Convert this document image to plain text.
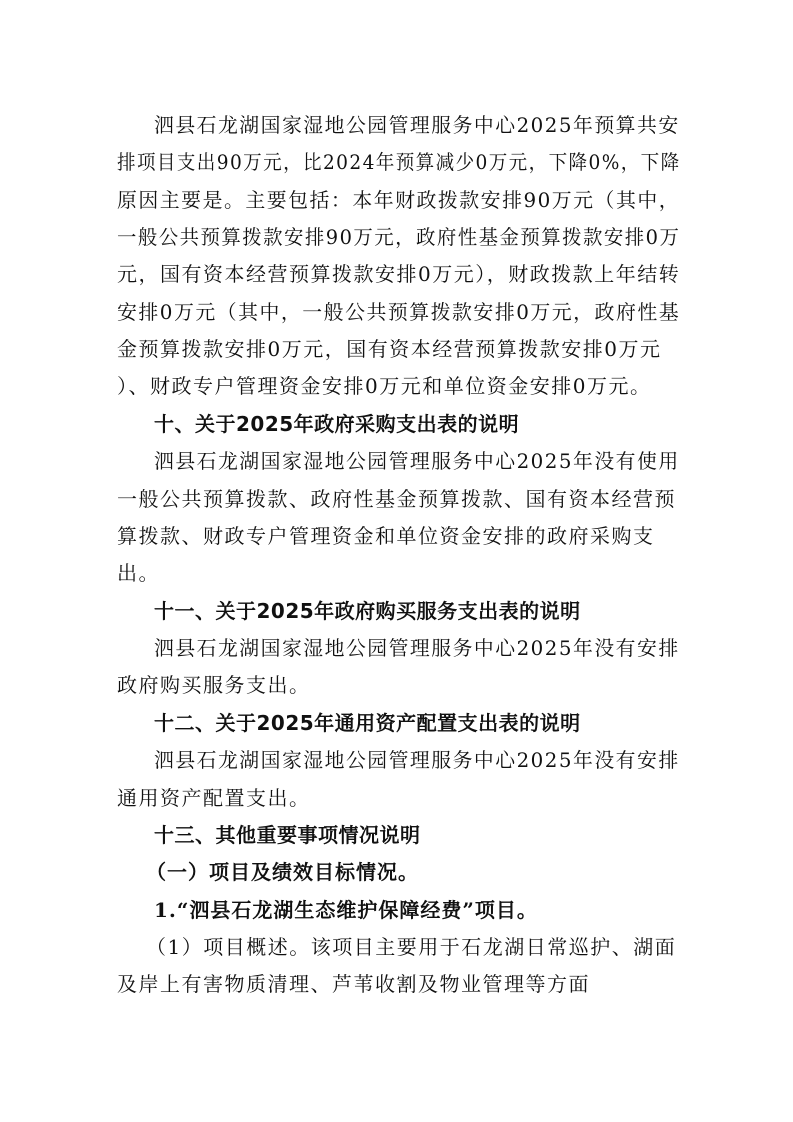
泗县石龙湖国家湿地公园管理服务中心2025年预算共安
排项目支出90万元，比2024年预算减少0万元，下降0%，下降
原因主要是。主要包括：本年财政拨款安排90万元（其中，
一般公共预算拨款安排90万元，政府性基金预算拨款安排0万
元，国有资本经营预算拨款安排0万元），财政拨款上年结转
安排0万元（其中，一般公共预算拨款安排0万元，政府性基
金预算拨款安排0万元，国有资本经营预算拨款安排0万元
）、财政专户管理资金安排0万元和单位资金安排0万元。
十、关于2025年政府采购支出表的说明
泗县石龙湖国家湿地公园管理服务中心2025年没有使用
一般公共预算拨款、政府性基金预算拨款、国有资本经营预
算拨款、财政专户管理资金和单位资金安排的政府采购支
出。
十一、关于2025年政府购买服务支出表的说明
泗县石龙湖国家湿地公园管理服务中心2025年没有安排
政府购买服务支出。
十二、关于2025年通用资产配置支出表的说明
泗县石龙湖国家湿地公园管理服务中心2025年没有安排
通用资产配置支出。
十三、其他重要事项情况说明
（一）项目及绩效目标情况。
1.“泗县石龙湖生态维护保障经费”项目。
（1）项目概述。该项目主要用于石龙湖日常巡护、湖面
及岸上有害物质清理、芦苇收割及物业管理等方面
